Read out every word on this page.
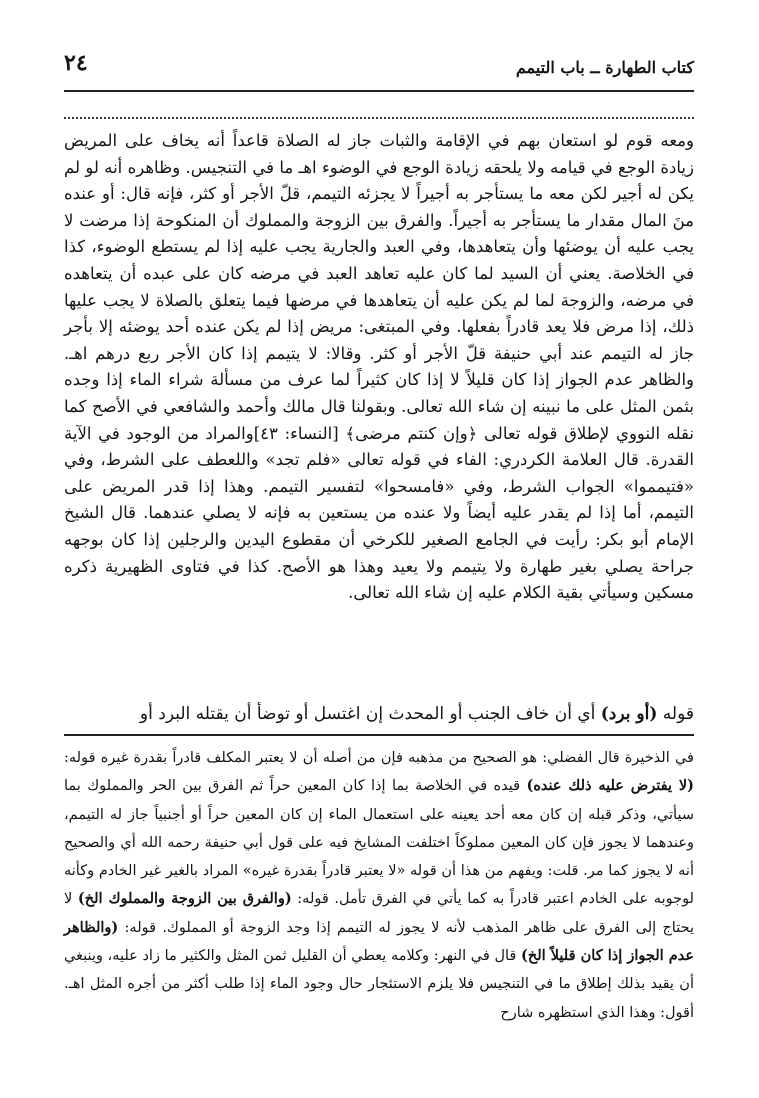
كتاب الطهارة ــ باب التيمم
٢٤

ومعه قوم لو استعان بهم في الإقامة والثبات جاز له الصلاة قاعداً أنه يخاف على المريض زيادة الوجع في قيامه ولا يلحقه زيادة الوجع في الوضوء اهـ ما في التنجيس. وظاهره أنه لو لم يكن له أجير لكن معه ما يستأجر به أجيراً لا يجزئه التيمم، قلّ الأجر أو كثر، فإنه قال: أو عنده منَ المال مقدار ما يستأجر به أجيراً. والفرق بين الزوجة والمملوك أن المنكوحة إذا مرضت لا يجب عليه أن يوضئها وأن يتعاهدها، وفي العبد والجارية يجب عليه إذا لم يستطع الوضوء، كذا في الخلاصة. يعني أن السيد لما كان عليه تعاهد العبد في مرضه كان على عبده أن يتعاهده في مرضه، والزوجة لما لم يكن عليه أن يتعاهدها في مرضها فيما يتعلق بالصلاة لا يجب عليها ذلك، إذا مرض فلا يعد قادراً بفعلها. وفي المبتغى: مريض إذا لم يكن عنده أحد يوضئه إلا بأجر جاز له التيمم عند أبي حنيفة قلّ الأجر أو كثر. وقالا: لا يتيمم إذا كان الأجر ربع درهم اهـ. والظاهر عدم الجواز إذا كان قليلاً لا إذا كان كثيراً لما عرف من مسألة شراء الماء إذا وجده بثمن المثل على ما نبينه إن شاء الله تعالى. وبقولنا قال مالك وأحمد والشافعي في الأصح كما نقله النووي لإطلاق قوله تعالى ﴿وإن كنتم مرضى﴾ [النساء: ٤٣]والمراد من الوجود في الآية القدرة. قال العلامة الكردري: الفاء في قوله تعالى «فلم تجد» واللعطف على الشرط، وفي «فتيمموا» الجواب الشرط، وفي «فامسحوا» لتفسير التيمم. وهذا إذا قدر المريض على التيمم، أما إذا لم يقدر عليه أيضاً ولا عنده من يستعين به فإنه لا يصلي عندهما. قال الشيخ الإمام أبو بكر: رأيت في الجامع الصغير للكرخي أن مقطوع اليدين والرجلين إذا كان بوجهه جراحة يصلي بغير طهارة ولا يتيمم ولا يعيد وهذا هو الأصح. كذا في فتاوى الظهيرية ذكره مسكين وسيأتي بقية الكلام عليه إن شاء الله تعالى.

قوله (أو برد) أي أن خاف الجنب أو المحدث إن اغتسل أو توضأ أن يقتله البرد أو

في الذخيرة قال الفضلي: هو الصحيح من مذهبه فإن من أصله أن لا يعتبر المكلف قادراً بقدرة غيره قوله: (لا يفترض عليه ذلك عنده) قيده في الخلاصة بما إذا كان المعين حراً ثم الفرق بين الحر والمملوك بما سيأتي، وذكر قبله إن كان معه أحد يعينه على استعمال الماء إن كان المعين حراً أو أجنبياً جاز له التيمم، وعندهما لا يجوز فإن كان المعين مملوكاً اختلفت المشايخ فيه على قول أبي حنيفة رحمه الله أي والصحيح أنه لا يجوز كما مر. قلت: ويفهم من هذا أن قوله «لا يعتبر قادراً بقدرة غيره» المراد بالغير غير الخادم وكأنه لوجوبه على الخادم اعتبر قادراً به كما يأتي في الفرق تأمل. قوله: (والفرق بين الزوجة والمملوك الخ) لا يحتاج إلى الفرق على ظاهر المذهب لأنه لا يجوز له التيمم إذا وجد الزوجة أو المملوك. قوله: (والظاهر عدم الجواز إذا كان قليلاً الخ) قال في النهر: وكلامه يعطي أن القليل ثمن المثل والكثير ما زاد عليه، وينبغي أن يقيد بذلك إطلاق ما في التنجيس فلا يلزم الاستئجار حال وجود الماء إذا طلب أكثر من أجره المثل اهـ. أقول: وهذا الذي استظهره شارح
